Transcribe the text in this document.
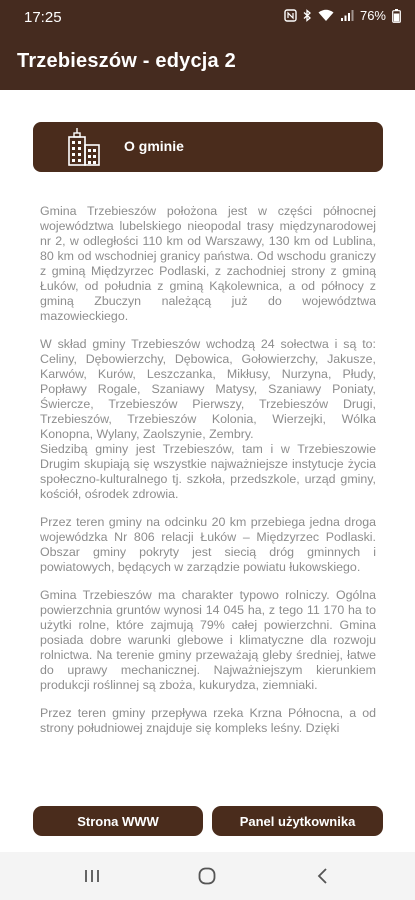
17:25	76%
Trzebieszów - edycja 2
O gminie

Gmina Trzebieszów położona jest w części północnej województwa lubelskiego nieopodal trasy międzynarodowej nr 2, w odległości 110 km od Warszawy, 130 km od Lublina, 80 km od wschodniej granicy państwa. Od wschodu graniczy z gminą Międzyrzec Podlaski, z zachodniej strony z gminą Łuków, od południa z gminą Kąkolewnica, a od północy z gminą Zbuczyn należącą już do województwa mazowieckiego.

W skład gminy Trzebieszów wchodzą 24 sołectwa i są to: Celiny, Dębowierzchy, Dębowica, Gołowierzchy, Jakusze, Karwów, Kurów, Leszczanka, Mikłusy, Nurzyna, Płudy, Popławy Rogale, Szaniawy Matysy, Szaniawy Poniaty, Świercze, Trzebieszów Pierwszy, Trzebieszów Drugi, Trzebieszów, Trzebieszów Kolonia, Wierzejki, Wólka Konopna, Wylany, Zaolszynie, Zembry.

Siedzibą gminy jest Trzebieszów, tam i w Trzebieszowie Drugim skupiają się wszystkie najważniejsze instytucje życia społeczno-kulturalnego tj. szkoła, przedszkole, urząd gminy, kościół, ośrodek zdrowia.

Przez teren gminy na odcinku 20 km przebiega jedna droga wojewódzka Nr 806 relacji Łuków – Międzyrzec Podlaski. Obszar gminy pokryty jest siecią dróg gminnych i powiatowych, będących w zarządzie powiatu łukowskiego.

Gmina Trzebieszów ma charakter typowo rolniczy. Ogólna powierzchnia gruntów wynosi 14 045 ha, z tego 11 170 ha to użytki rolne, które zajmują 79% całej powierzchni. Gmina posiada dobre warunki glebowe i klimatyczne dla rozwoju rolnictwa. Na terenie gminy przeważają gleby średniej, łatwe do uprawy mechanicznej. Najważniejszym kierunkiem produkcji roślinnej są zboża, kukurydza, ziemniaki.

Przez teren gminy przepływa rzeka Krzna Północna, a od strony południowej znajduje się kompleks leśny. Dzięki

Strona WWW	Panel użytkownika
